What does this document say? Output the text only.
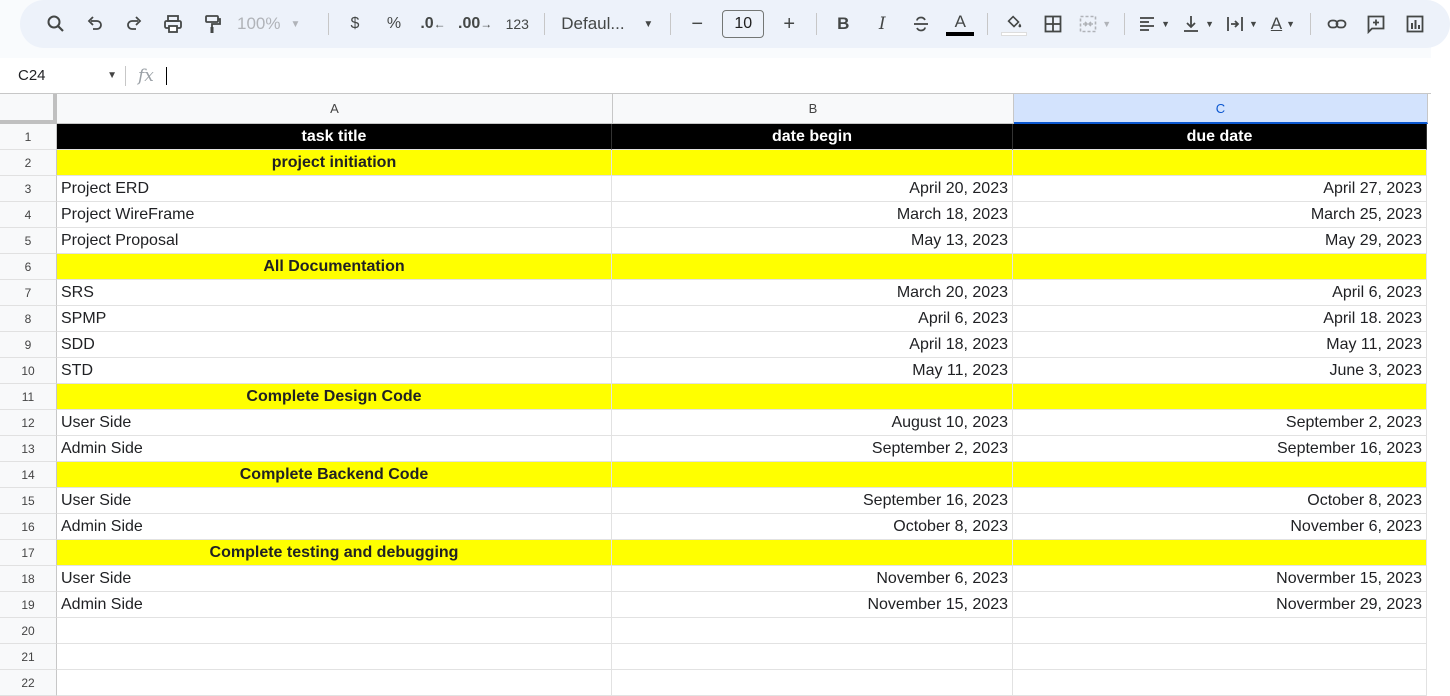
100% ▼	$	%	.0 ← .00 → 123 Defaul... ▼	−	10	+	B	I	A	▼	▼	▼	▼ A ▼
C24	▼ fx
A	B	C
1	task title	date begin	due date
2	project initiation
3	Project ERD	April 20, 2023	April 27, 2023
4	Project WireFrame	March 18, 2023	March 25, 2023
5	Project Proposal	May 13, 2023	May 29, 2023
6	All Documentation
7	SRS	March 20, 2023	April 6, 2023
8	SPMP	April 6, 2023	April 18. 2023
9	SDD	April 18, 2023	May 11, 2023
10	STD	May 11, 2023	June 3, 2023
11	Complete Design Code
12	User Side	August 10, 2023	September 2, 2023
13	Admin Side	September 2, 2023	September 16, 2023
14	Complete Backend Code
15	User Side	September 16, 2023	October 8, 2023
16	Admin Side	October 8, 2023	November 6, 2023
17	Complete testing and debugging
18	User Side	November 6, 2023	Novermber 15, 2023
19	Admin Side	November 15, 2023	Novermber 29, 2023
20
21
22
